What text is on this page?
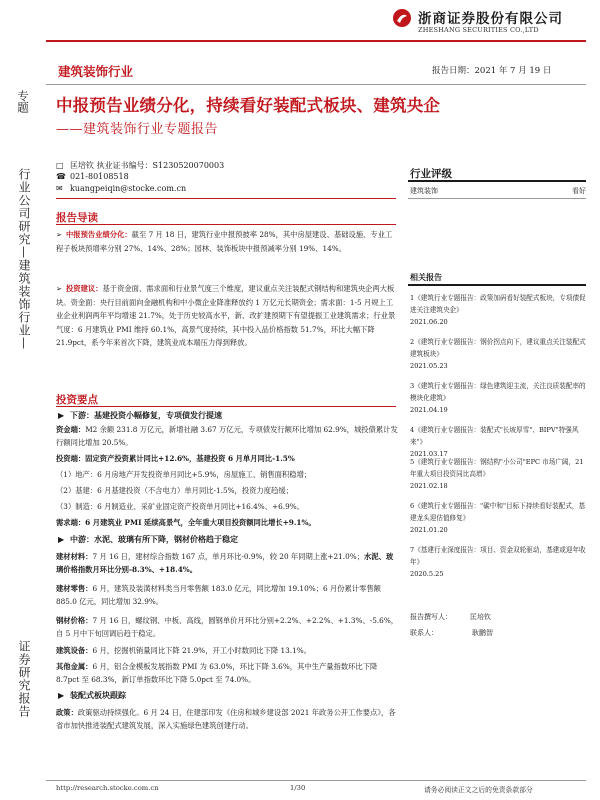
浙商证券股份有限公司
ZHESHANG SECURITIES CO.,LTD
建筑装饰行业	报告日期：2021 年 7 月 19 日
专题
行业公司研究—建筑装饰行业—
证券研究报告
中报预告业绩分化，持续看好装配式板块、建筑央企
——建筑装饰行业专题报告
□ 匡培钦 执业证书编号：S1230520070003
☎ 021-80108518
✉ kuangpeiqin@stocke.com.cn
行业评级
建筑装饰	看好
相关报告
1《建筑行业专题报告：政策加码看好装配式板块，专项债促进关注建筑央企》
2021.06.20
2《建筑行业专题报告：钢价拐点向下，建议重点关注装配式建筑板块》
2021.05.23
3《建筑行业专题报告：绿色建筑迎主流，关注良质装配率的模块化建筑》
2021.04.19
4《建筑行业专题报告：装配式"长坡厚雪"、BIPV"特强风来"》
2021.03.17
5《建筑行业专题报告：钢结构"小公司"EPC 市场广阔，21 年重大项目投资同比高增》
2021.02.18
6《建筑行业专题报告："碳中和"目标下持续看好装配式，基建龙头迎估值修复》
2021.01.20
7《基建行业深度报告：项目、资金双轮驱动，基建或迎年收年》
2020.5.25
报告撰写人：	匡培钦
联系人：	耿鹏智
报告导读
➢ 中报预告业绩分化：截至 7 月 18 日，建筑行业中报预披率 28%，其中房屋建设、基础设施、专业工程子板块预增率分别 27%、14%、28%；园林、装饰板块中报预减率分别 19%、14%。
➢ 投资建议：基于资金面、需求面和行业景气度三个维度，建议重点关注装配式钢结构和建筑央企两大板块。资金面：央行目前面向金融机构和中小微企业降准释放约 1 万亿元长期资金；需求面：1-5 月规上工业企业利润两年平均增速 21.7%，处于历史较高水平，新、改扩建预期下有望提振工业建筑需求；行业景气度：6 月建筑业 PMI 维持 60.1%，高景气度持续，其中投入品价格指数 51.7%，环比大幅下降 21.9pct，系今年来首次下降，建筑业成本端压力得到释放。
投资要点
▶ 下游：基建投资小幅修复，专项债发行提速
资金端：M2 余额 231.8 万亿元，新增社融 3.67 万亿元，专项债发行额环比增加 62.9%，城投债累计发行额同比增加 20.5%。
投资端：固定资产投资累计同比+12.6%，基建投资 6 月单月同比-1.5%
（1）地产：6 月房地产开发投资单月同比+5.9%，房屋施工、销售面积稳增；
（2）基建：6 月基建投资（不含电力）单月同比-1.5%，投资力度趋缓；
（3）制造：6 月制造业、采矿业固定资产投资单月同比+16.4%、+6.9%。
需求端：6 月建筑业 PMI 延续高景气，全年重大项目投资额同比增长+9.1%。
▶ 中游：水泥、玻璃有所下降，钢材价格趋于稳定
建材材料：7 月 16 日，建材综合指数 167 点，单月环比-0.9%，较 20 年同期上涨+21.0%；水泥、玻璃价格指数月环比分别-8.3%、+18.4%。
建材零售：6 月，建筑及装潢材料类当月零售额 183.0 亿元，同比增加 19.10%；6 月份累计零售额 885.0 亿元，同比增加 32.9%。
钢材价格：7 月 16 日，螺纹钢、中板、高线，圆钢单价月环比分别+2.2%、+2.2%、+1.3%、-5.6%，自 5 月中下旬回调后趋于稳定。
建筑设备：6 月，挖掘机销量同比下降 21.9%，开工小时数同比下降 13.1%。
其他金属：6 月，铝合金模板发展指数 PMI 为 63.0%，环比下降 3.6%，其中生产量指数环比下降 8.7pct 至 68.3%，新订单指数环比下降 5.0pct 至 74.0%。
▶ 装配式板块跟踪
政策：政策驱动持续强化。6 月 24 日，住建部印发《住房和城乡建设部 2021 年政务公开工作要点》，各省市加快推进装配式建筑发展，深入实施绿色建筑创建行动。
http://research.stocke.com.cn	1/30	请务必阅读正文之后的免责条款部分
